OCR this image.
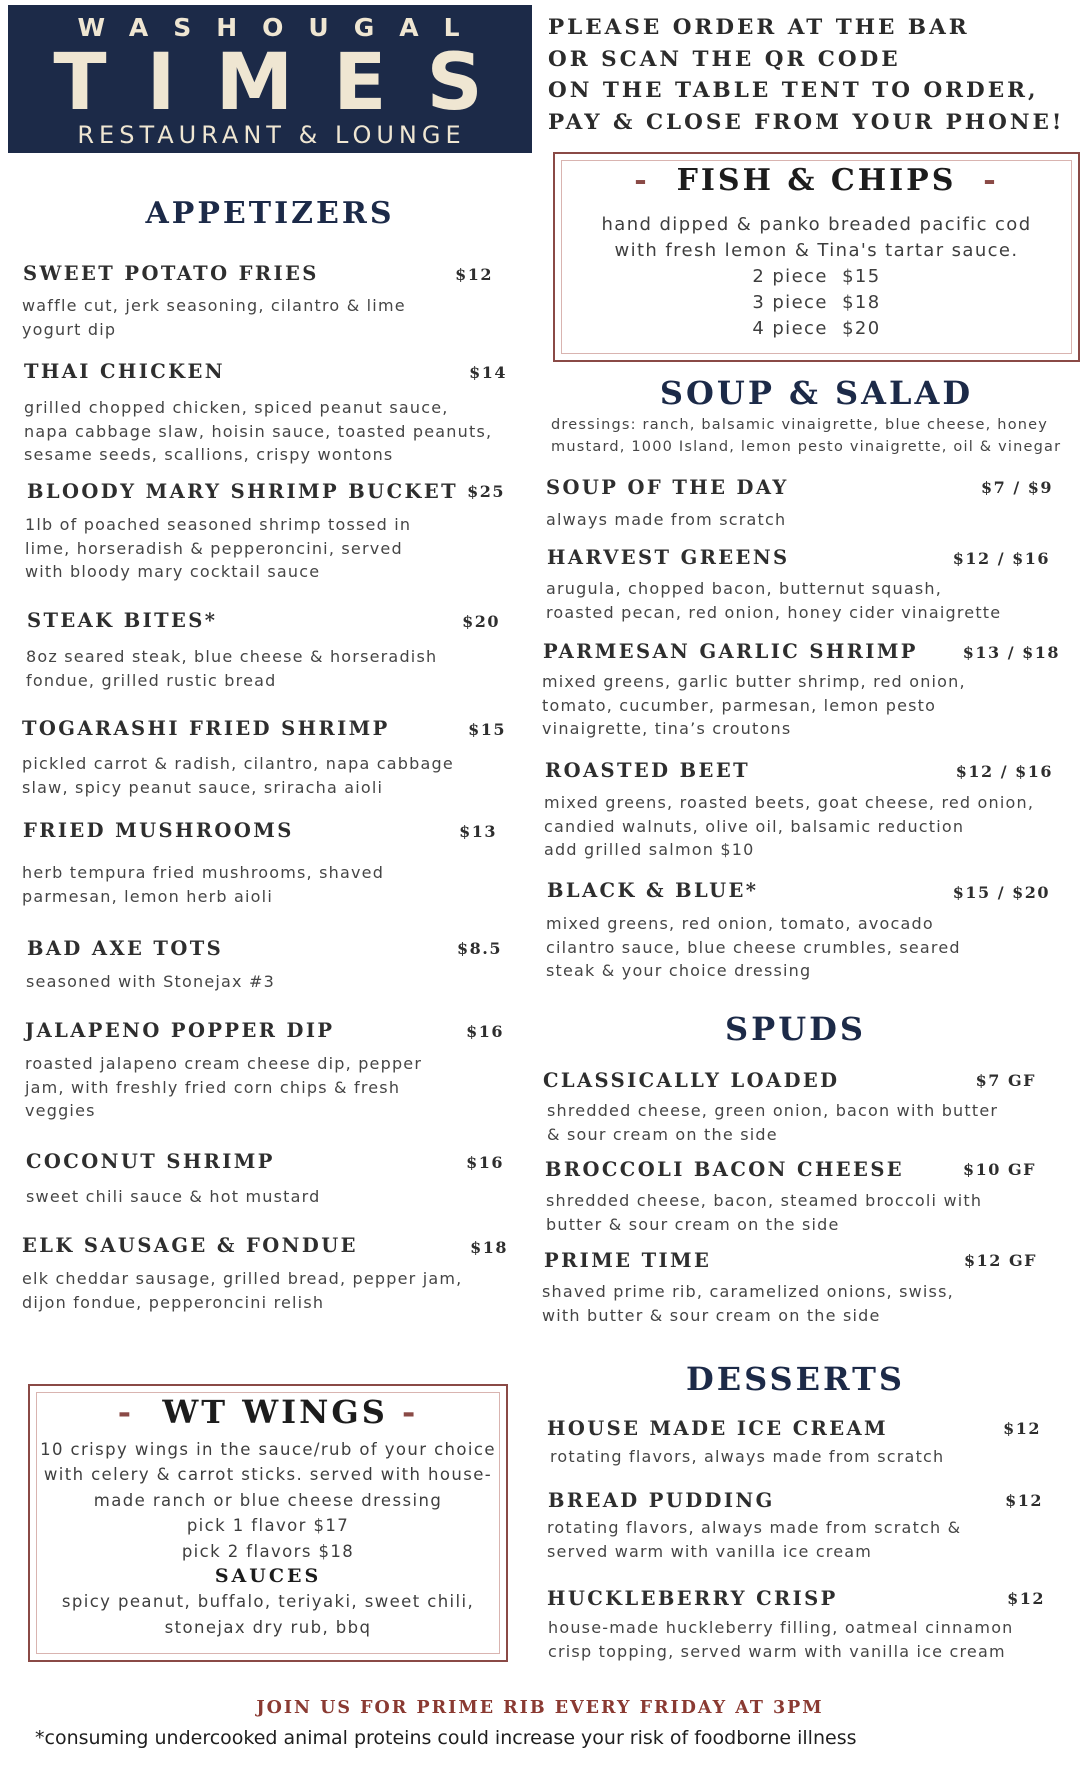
WASHOUGAL
TIMES
RESTAURANT & LOUNGE
PLEASE ORDER AT THE BAR
OR SCAN THE QR CODE
ON THE TABLE TENT TO ORDER,
PAY & CLOSE FROM YOUR PHONE!
APPETIZERS
SWEET POTATO FRIES	$12
waffle cut, jerk seasoning, cilantro & lime
yogurt dip
THAI CHICKEN	$14
grilled chopped chicken, spiced peanut sauce,
napa cabbage slaw, hoisin sauce, toasted peanuts,
sesame seeds, scallions, crispy wontons
BLOODY MARY SHRIMP BUCKET $25
1lb of poached seasoned shrimp tossed in
lime, horseradish & pepperoncini, served
with bloody mary cocktail sauce
STEAK BITES*	$20
8oz seared steak, blue cheese & horseradish
fondue, grilled rustic bread
TOGARASHI FRIED SHRIMP	$15
pickled carrot & radish, cilantro, napa cabbage
slaw, spicy peanut sauce, sriracha aioli
FRIED MUSHROOMS	$13
herb tempura fried mushrooms, shaved
parmesan, lemon herb aioli
BAD AXE TOTS	$8.5
seasoned with Stonejax #3
JALAPENO POPPER DIP	$16
roasted jalapeno cream cheese dip, pepper
jam, with freshly fried corn chips & fresh
veggies
COCONUT SHRIMP	$16
sweet chili sauce & hot mustard
ELK SAUSAGE & FONDUE	$18
elk cheddar sausage, grilled bread, pepper jam,
dijon fondue, pepperoncini relish
- FISH & CHIPS -
hand dipped & panko breaded pacific cod
with fresh lemon & Tina's tartar sauce.
2 piece  $15
3 piece  $18
4 piece  $20
SOUP & SALAD
dressings: ranch, balsamic vinaigrette, blue cheese, honey
mustard, 1000 Island, lemon pesto vinaigrette, oil & vinegar
SOUP OF THE DAY	$7 / $9
always made from scratch
HARVEST GREENS	$12 / $16
arugula, chopped bacon, butternut squash,
roasted pecan, red onion, honey cider vinaigrette
PARMESAN GARLIC SHRIMP	$13 / $18
mixed greens, garlic butter shrimp, red onion,
tomato, cucumber, parmesan, lemon pesto
vinaigrette, tina’s croutons
ROASTED BEET	$12 / $16
mixed greens, roasted beets, goat cheese, red onion,
candied walnuts, olive oil, balsamic reduction
add grilled salmon $10
BLACK & BLUE*	$15 / $20
mixed greens, red onion, tomato, avocado
cilantro sauce, blue cheese crumbles, seared
steak & your choice dressing
SPUDS
CLASSICALLY LOADED	$7 GF
shredded cheese, green onion, bacon with butter
& sour cream on the side
BROCCOLI BACON CHEESE	$10 GF
shredded cheese, bacon, steamed broccoli with
butter & sour cream on the side
PRIME TIME	$12 GF
shaved prime rib, caramelized onions, swiss,
with butter & sour cream on the side
- WT WINGS -
10 crispy wings in the sauce/rub of your choice
with celery & carrot sticks. served with house-
made ranch or blue cheese dressing
pick 1 flavor $17
pick 2 flavors $18
SAUCES
spicy peanut, buffalo, teriyaki, sweet chili,
stonejax dry rub, bbq
DESSERTS
HOUSE MADE ICE CREAM	$12
rotating flavors, always made from scratch
BREAD PUDDING	$12
rotating flavors, always made from scratch &
served warm with vanilla ice cream
HUCKLEBERRY CRISP	$12
house-made huckleberry filling, oatmeal cinnamon
crisp topping, served warm with vanilla ice cream
JOIN US FOR PRIME RIB EVERY FRIDAY AT 3PM
*consuming undercooked animal proteins could increase your risk of foodborne illness
